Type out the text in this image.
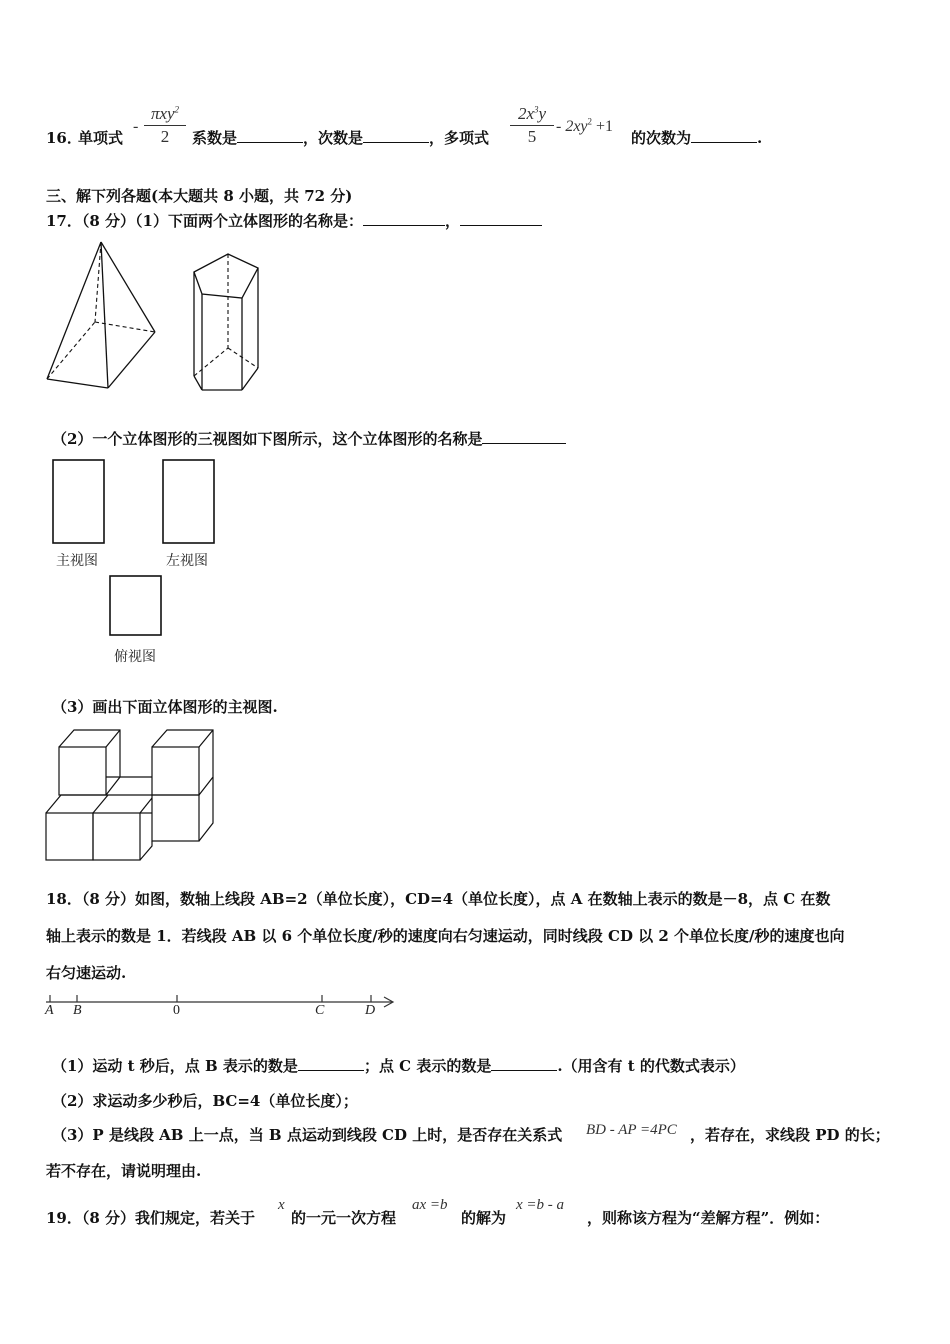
16．
单项式
-
πxy$^2$
2	系数是	，次数是	，多项式
$2x^3y$
5
- $2xy^2 +1$
的次数为	.
三、解下列各题(本大题共 8 小题，共 72 分)
17．（8 分）（1）下面两个立体图形的名称是：	，
（2）一个立体图形的三视图如下图所示，这个立体图形的名称是
主视图	左视图
俯视图
（3）画出下面立体图形的主视图.
18．（8 分）如图，数轴上线段 AB=2（单位长度），CD=4（单位长度），点 A 在数轴上表示的数是－8，点 C 在数
轴上表示的数是 1．若线段 AB 以 6 个单位长度/秒的速度向右匀速运动，同时线段 CD 以 2 个单位长度/秒的速度也向
右匀速运动.
A B	0	C	D
（1）运动 t 秒后，点 B 表示的数是	；点 C 表示的数是	.（用含有 t 的代数式表示）
（2）求运动多少秒后，BC=4（单位长度）；
（3）P 是线段 AB 上一点，当 B 点运动到线段 CD 上时，是否存在关系式 BD - AP =4PC ，若存在，求线段 PD 的长；
若不存在，请说明理由.
19．（8 分）我们规定，若关于
x
的一元一次方程
ax =b
的解为
x =b - a
，则称该方程为“差解方程”．例如：
